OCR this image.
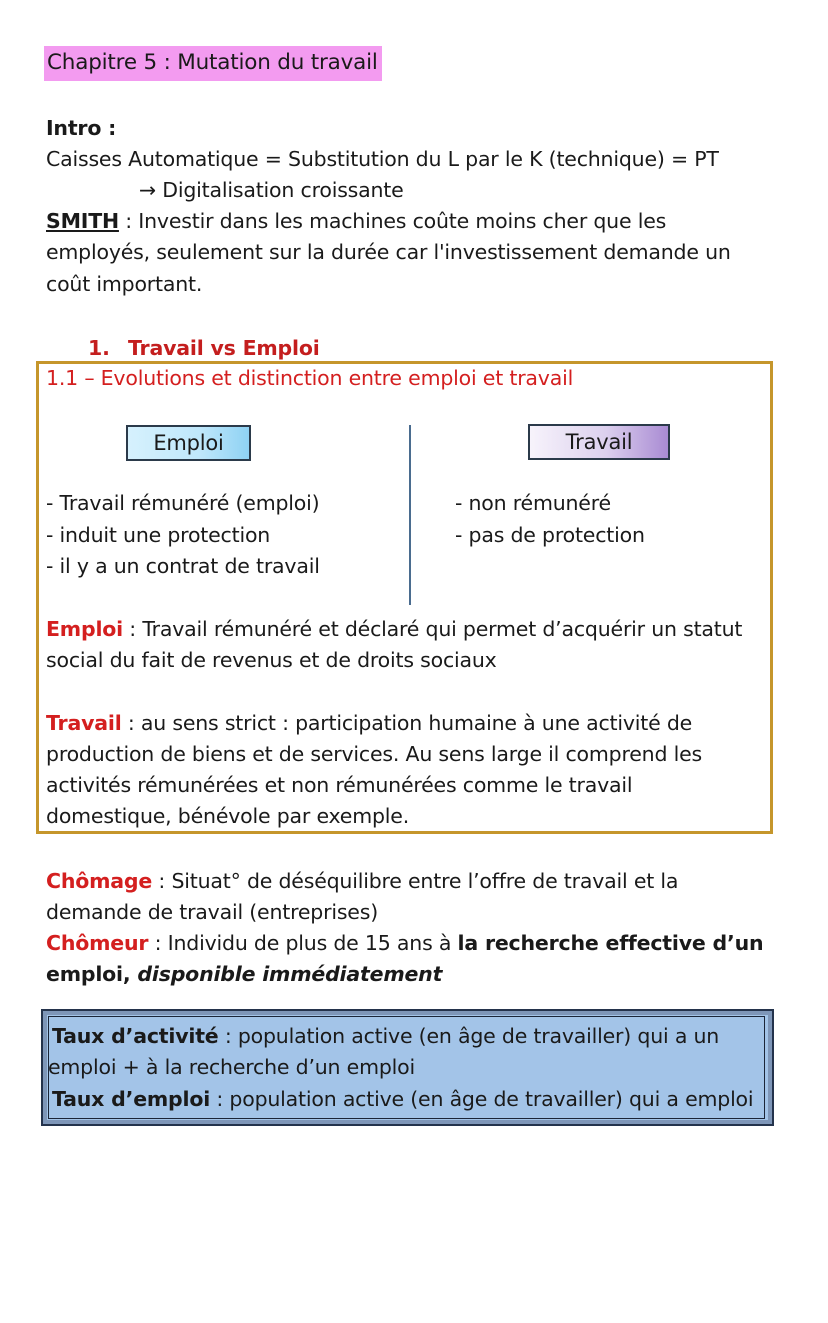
Chapitre 5 : Mutation du travail
Intro :
Caisses Automatique = Substitution du L par le K (technique) = PT
→ Digitalisation croissante
SMITH : Investir dans les machines coûte moins cher que les
employés, seulement sur la durée car l'investissement demande un
coût important.
1. Travail vs Emploi
1.1 – Evolutions et distinction entre emploi et travail
Emploi	Travail
- Travail rémunéré (emploi)
- induit une protection
- il y a un contrat de travail
- non rémunéré
- pas de protection
Emploi : Travail rémunéré et déclaré qui permet d’acquérir un statut
social du fait de revenus et de droits sociaux
Travail : au sens strict : participation humaine à une activité de
production de biens et de services. Au sens large il comprend les
activités rémunérées et non rémunérées comme le travail
domestique, bénévole par exemple.
Chômage : Situat° de déséquilibre entre l’offre de travail et la
demande de travail (entreprises)
Chômeur : Individu de plus de 15 ans à la recherche effective d’un
emploi, disponible immédiatement
Taux d’activité : population active (en âge de travailler) qui a un
emploi + à la recherche d’un emploi
Taux d’emploi : population active (en âge de travailler) qui a emploi
